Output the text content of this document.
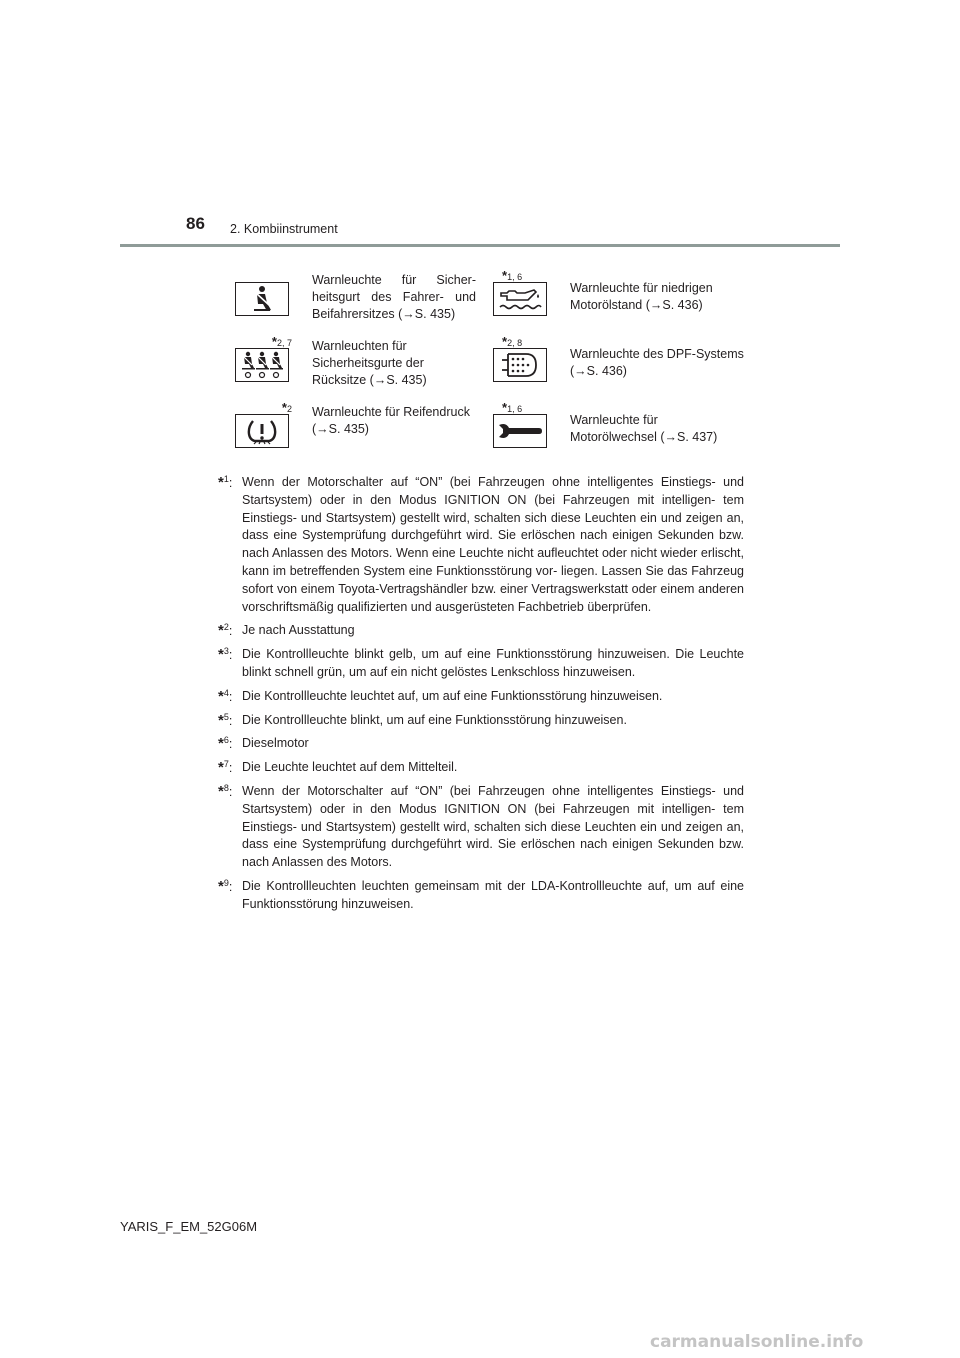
86 2. Kombiinstrument
Warnleuchte für Sicher- heitsgurt des Fahrer- und Beifahrersitzes (→S. 435)
*1, 6
Warnleuchte für niedrigen Motorölstand (→S. 436)
*2, 7 Warnleuchten für Sicherheitsgurte der Rücksitze (→S. 435)
*2, 8
Warnleuchte des DPF-Systems (→S. 436)
*2 Warnleuchte für Reifendruck (→S. 435)
*1, 6
Warnleuchte für Motorölwechsel (→S. 437)
*$^1$: Wenn der Motorschalter auf “ON” (bei Fahrzeugen ohne intelligentes Einstiegs- und Startsystem) oder in den Modus IGNITION ON (bei Fahrzeugen mit intelligen- tem Einstiegs- und Startsystem) gestellt wird, schalten sich diese Leuchten ein und zeigen an, dass eine Systemprüfung durchgeführt wird. Sie erlöschen nach einigen Sekunden bzw. nach Anlassen des Motors. Wenn eine Leuchte nicht aufleuchtet oder nicht wieder erlischt, kann im betreffenden System eine Funktionsstörung vor- liegen. Lassen Sie das Fahrzeug sofort von einem Toyota-Vertragshändler bzw. einer Vertragswerkstatt oder einem anderen vorschriftsmäßig qualifizierten und ausgerüsteten Fachbetrieb überprüfen.
*$^2$: Je nach Ausstattung
*$^3$: Die Kontrollleuchte blinkt gelb, um auf eine Funktionsstörung hinzuweisen. Die Leuchte blinkt schnell grün, um auf ein nicht gelöstes Lenkschloss hinzuweisen.
*$^4$: Die Kontrollleuchte leuchtet auf, um auf eine Funktionsstörung hinzuweisen.
*$^5$: Die Kontrollleuchte blinkt, um auf eine Funktionsstörung hinzuweisen.
*$^6$: Dieselmotor
*$^7$: Die Leuchte leuchtet auf dem Mittelteil.
*$^8$: Wenn der Motorschalter auf “ON” (bei Fahrzeugen ohne intelligentes Einstiegs- und Startsystem) oder in den Modus IGNITION ON (bei Fahrzeugen mit intelligen- tem Einstiegs- und Startsystem) gestellt wird, schalten sich diese Leuchten ein und zeigen an, dass eine Systemprüfung durchgeführt wird. Sie erlöschen nach einigen Sekunden bzw. nach Anlassen des Motors.
*$^9$: Die Kontrollleuchten leuchten gemeinsam mit der LDA-Kontrollleuchte auf, um auf eine Funktionsstörung hinzuweisen.
YARIS_F_EM_52G06M
carmanualsonline.info
